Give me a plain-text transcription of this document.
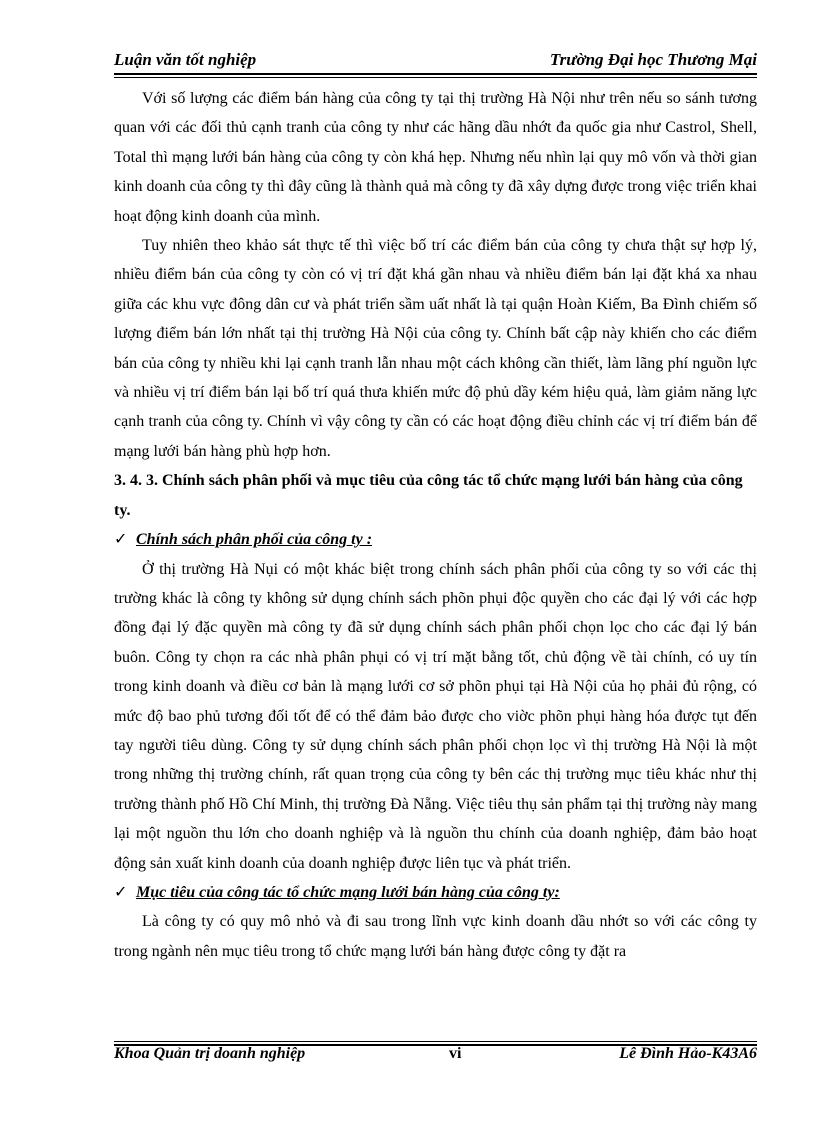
Luận văn tốt nghiệp	Trường Đại học Thương Mại

Với số lượng các điểm bán hàng của công ty tại thị trường Hà Nội như trên nếu so sánh tương quan với các đối thủ cạnh tranh của công ty như các hãng dầu nhớt đa quốc gia như Castrol, Shell, Total thì mạng lưới bán hàng của công ty còn khá hẹp. Nhưng nếu nhìn lại quy mô vốn và thời gian kinh doanh của công ty thì đây cũng là thành quả mà công ty đã xây dựng được trong việc triển khai hoạt động kinh doanh của mình.

Tuy nhiên theo khảo sát thực tế thì việc bố trí các điểm bán của công ty chưa thật sự hợp lý, nhiều điểm bán của công ty còn có vị trí đặt khá gần nhau và nhiều điểm bán lại đặt khá xa nhau giữa các khu vực đông dân cư và phát triển sầm uất nhất là tại quận Hoàn Kiếm, Ba Đình chiếm số lượng điểm bán lớn nhất tại thị trường Hà Nội của công ty. Chính bất cập này khiến cho các điểm bán của công ty nhiều khi lại cạnh tranh lẫn nhau một cách không cần thiết, làm lãng phí nguồn lực và nhiều vị trí điểm bán lại bố trí quá thưa khiến mức độ phủ dầy kém hiệu quả, làm giảm năng lực cạnh tranh của công ty. Chính vì vậy công ty cần có các hoạt động điều chỉnh các vị trí điểm bán để mạng lưới bán hàng phù hợp hơn.

3. 4. 3. Chính sách phân phối và mục tiêu của công tác tổ chức mạng lưới bán hàng của công ty.

✓ Chính sách phân phối của công ty :

Ở thị trường Hà Nụi có một khác biệt trong chính sách phân phối của công ty so với các thị trường khác là công ty không sử dụng chính sách phõn phụi độc quyền cho các đại lý với các hợp đồng đại lý đặc quyền mà công ty đã sử dụng chính sách phân phối chọn lọc cho các đại lý bán buôn. Công ty chọn ra các nhà phân phụi có vị trí mặt bằng tốt, chủ động về tài chính, có uy tín trong kinh doanh và điều cơ bản là mạng lưới cơ sở phõn phụi tại Hà Nội của họ phải đủ rộng, có mức độ bao phủ tương đối tốt để có thể đảm bảo được cho viờc phõn phụi hàng hóa được tụt đến tay người tiêu dùng. Công ty sử dụng chính sách phân phối chọn lọc vì thị trường Hà Nội là một trong những thị trường chính, rất quan trọng của công ty bên các thị trường mục tiêu khác như thị trường thành phố Hồ Chí Minh, thị trường Đà Nẵng. Việc tiêu thụ sản phẩm tại thị trường này mang lại một nguồn thu lớn cho doanh nghiệp và là nguồn thu chính của doanh nghiệp, đảm bảo hoạt động sản xuất kinh doanh của doanh nghiệp được liên tục và phát triển.

✓ Mục tiêu của công tác tổ chức mạng lưới bán hàng của công ty:

Là công ty có quy mô nhỏ và đi sau trong lĩnh vực kinh doanh dầu nhớt so với các công ty trong ngành nên mục tiêu trong tổ chức mạng lưới bán hàng được công ty đặt ra

Khoa Quản trị doanh nghiệp	vi	Lê Đình Hảo-K43A6
